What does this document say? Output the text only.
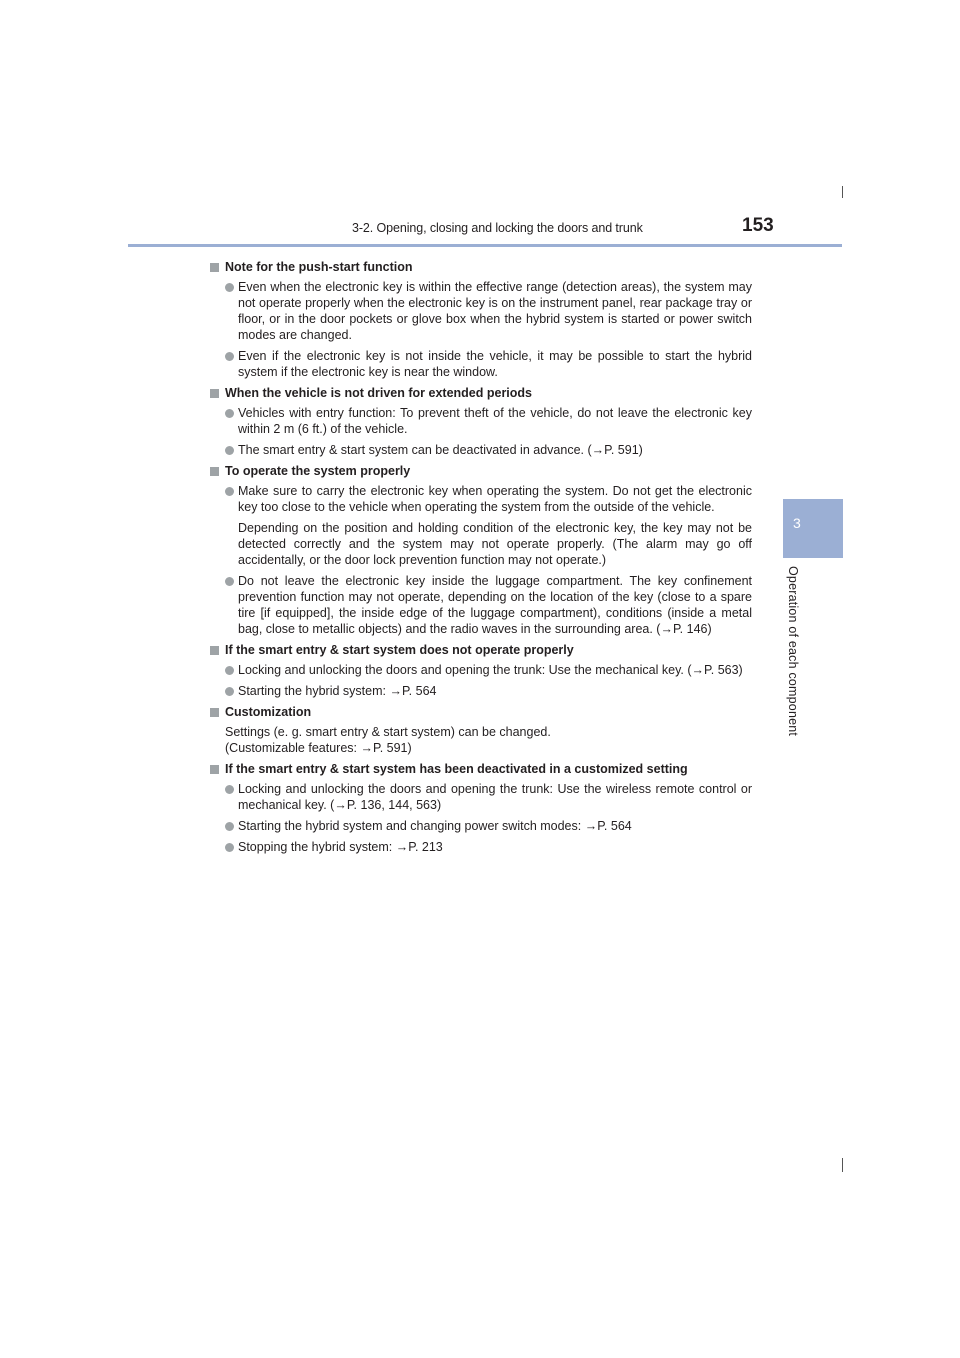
3-2. Opening, closing and locking the doors and trunk	153
3
Operation of each component
Note for the push-start function

Even when the electronic key is within the effective range (detection areas), the system may not operate properly when the electronic key is on the instrument panel, rear package tray or floor, or in the door pockets or glove box when the hybrid system is started or power switch modes are changed.

Even if the electronic key is not inside the vehicle, it may be possible to start the hybrid system if the electronic key is near the window.

When the vehicle is not driven for extended periods

Vehicles with entry function: To prevent theft of the vehicle, do not leave the electronic key within 2 m (6 ft.) of the vehicle.

The smart entry & start system can be deactivated in advance. (→P. 591)

To operate the system properly

Make sure to carry the electronic key when operating the system. Do not get the electronic key too close to the vehicle when operating the system from the outside of the vehicle.

Depending on the position and holding condition of the electronic key, the key may not be detected correctly and the system may not operate properly. (The alarm may go off accidentally, or the door lock prevention function may not operate.)

Do not leave the electronic key inside the luggage compartment. The key confinement prevention function may not operate, depending on the location of the key (close to a spare tire [if equipped], the inside edge of the luggage compartment), conditions (inside a metal bag, close to metallic objects) and the radio waves in the surrounding area. (→P. 146)

If the smart entry & start system does not operate properly

Locking and unlocking the doors and opening the trunk: Use the mechanical key. (→P. 563)

Starting the hybrid system: →P. 564

Customization

Settings (e. g. smart entry & start system) can be changed.

(Customizable features: →P. 591)

If the smart entry & start system has been deactivated in a customized setting

Locking and unlocking the doors and opening the trunk: Use the wireless remote control or mechanical key. (→P. 136, 144, 563)

Starting the hybrid system and changing power switch modes: →P. 564

Stopping the hybrid system: →P. 213
